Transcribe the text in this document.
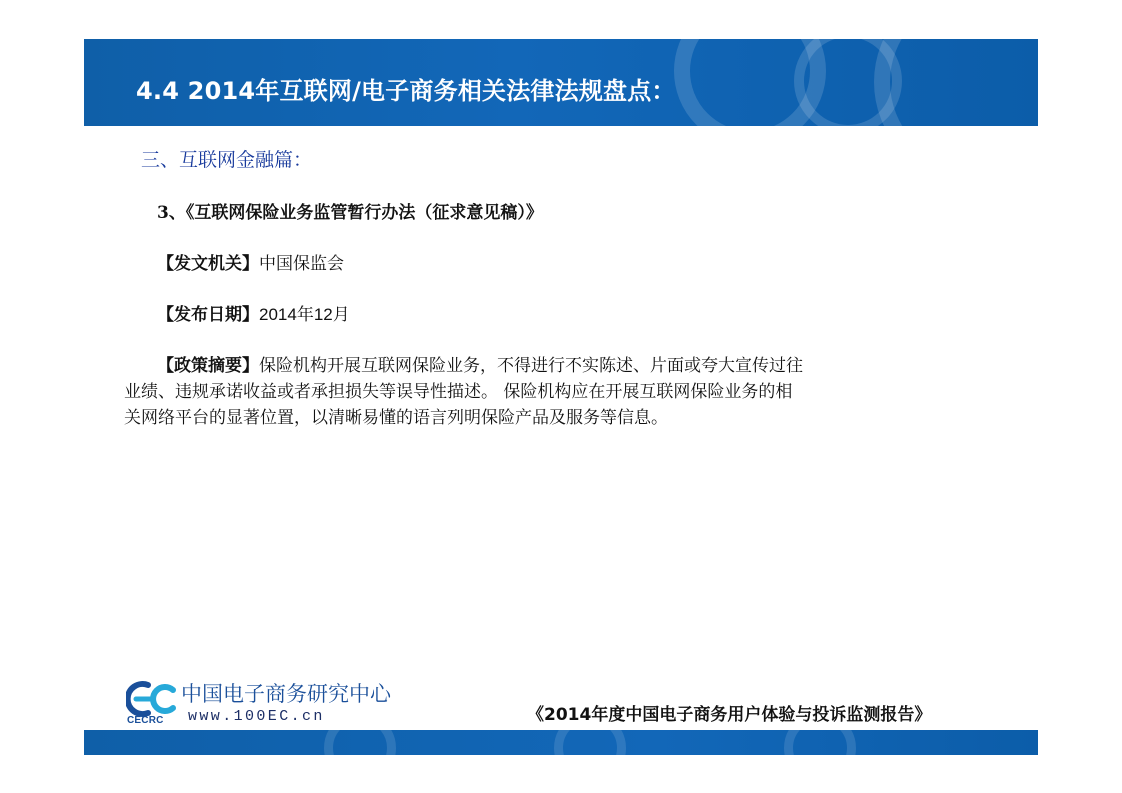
4.4 2014年互联网/电子商务相关法律法规盘点：
三、互联网金融篇：
3、《互联网保险业务监管暂行办法（征求意见稿）》
【发文机关】中国保监会
【发布日期】2014年12月
【政策摘要】保险机构开展互联网保险业务，不得进行不实陈述、片面或夸大宣传过往
业绩、违规承诺收益或者承担损失等误导性描述。 保险机构应在开展互联网保险业务的相
关网络平台的显著位置，以清晰易懂的语言列明保险产品及服务等信息。
中国电子商务研究中心
www.100EC.cn
CECRC	《2014年度中国电子商务用户体验与投诉监测报告》
